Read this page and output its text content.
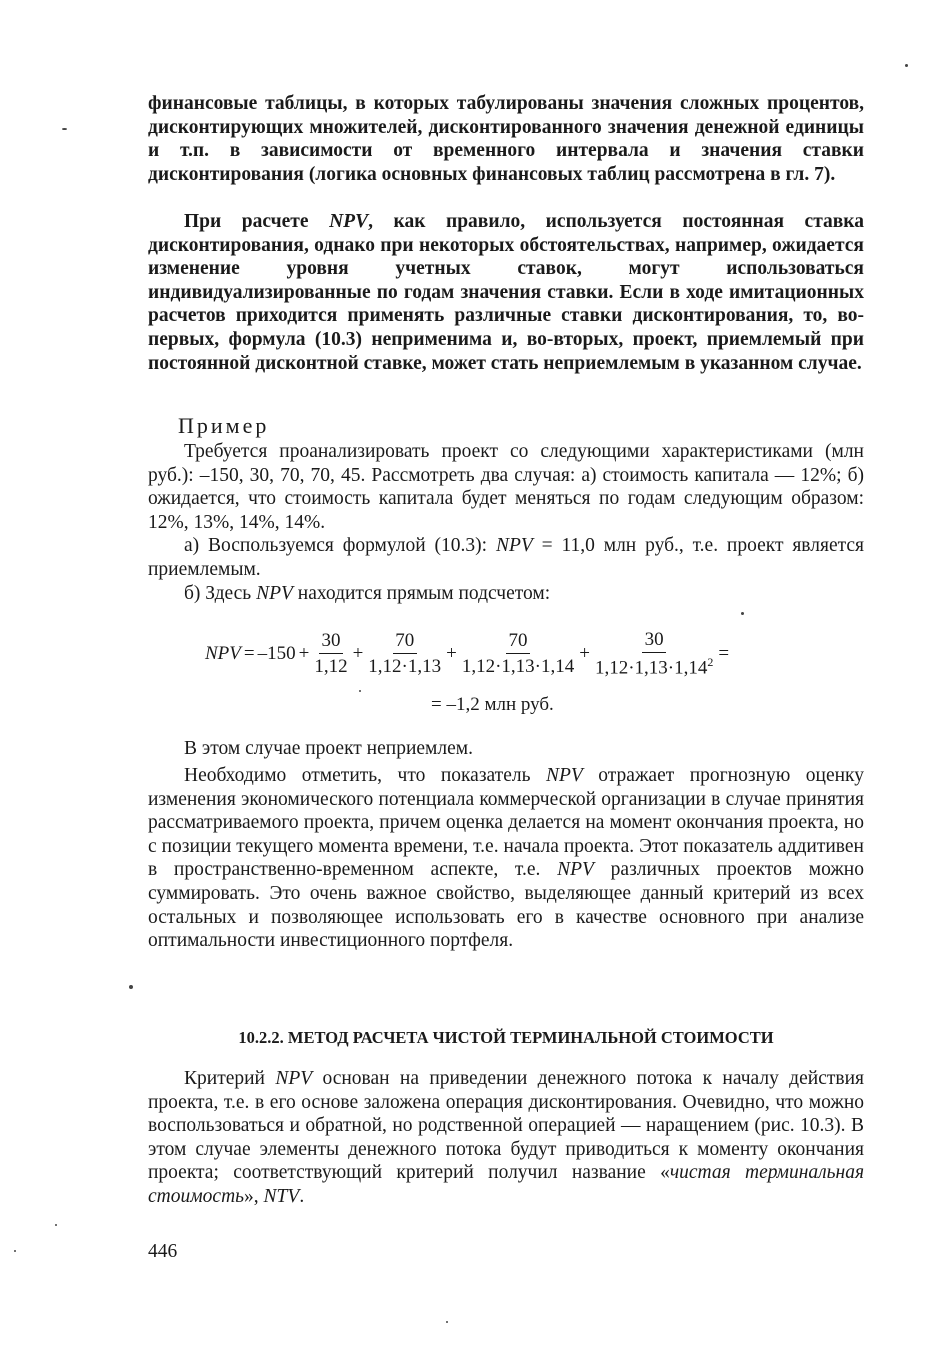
финансовые таблицы, в которых табулированы значения сложных процентов, дисконтирующих множителей, дисконтированного значения денежной единицы и т.п. в зависимости от временного интервала и значения ставки дисконтирования (логика основных финансовых таблиц рассмотрена в гл. 7).

При расчете NPV, как правило, используется постоянная ставка дисконтирования, однако при некоторых обстоятельствах, например, ожидается изменение уровня учетных ставок, могут использоваться индивидуализированные по годам значения ставки. Если в ходе имитационных расчетов приходится применять различные ставки дисконтирования, то, во-первых, формула (10.3) неприменима и, во-вторых, проект, приемлемый при постоянной дисконтной ставке, может стать неприемлемым в указанном случае.

Пример

Требуется проанализировать проект со следующими характеристиками (млн руб.): –150, 30, 70, 70, 45. Рассмотреть два случая: а) стоимость капитала — 12%; б) ожидается, что стоимость капитала будет меняться по годам следующим образом: 12%, 13%, 14%, 14%.

а) Воспользуемся формулой (10.3): NPV = 11,0 млн руб., т.е. проект является приемлемым.

б) Здесь NPV находится прямым подсчетом:

NPV = $-150 + \frac{30}{1,12} + \frac{70}{1,12\cdot 1,13} + \frac{70}{1,12\cdot 1,13\cdot 1,14} + \frac{30}{1,12\cdot 1,13\cdot 1,14^2}$ =
= –1,2 млн руб.

В этом случае проект неприемлем.

Необходимо отметить, что показатель NPV отражает прогнозную оценку изменения экономического потенциала коммерческой организации в случае принятия рассматриваемого проекта, причем оценка делается на момент окончания проекта, но с позиции текущего момента времени, т.е. начала проекта. Этот показатель аддитивен в пространственно-временном аспекте, т.е. NPV различных проектов можно суммировать. Это очень важное свойство, выделяющее данный критерий из всех остальных и позволяющее использовать его в качестве основного при анализе оптимальности инвестиционного портфеля.

10.2.2. МЕТОД РАСЧЕТА ЧИСТОЙ ТЕРМИНАЛЬНОЙ СТОИМОСТИ

Критерий NPV основан на приведении денежного потока к началу действия проекта, т.е. в его основе заложена операция дисконтирования. Очевидно, что можно воспользоваться и обратной, но родственной операцией — наращением (рис. 10.3). В этом случае элементы денежного потока будут приводиться к моменту окончания проекта; соответствующий критерий получил название «чистая терминальная стоимость», NTV.

446
